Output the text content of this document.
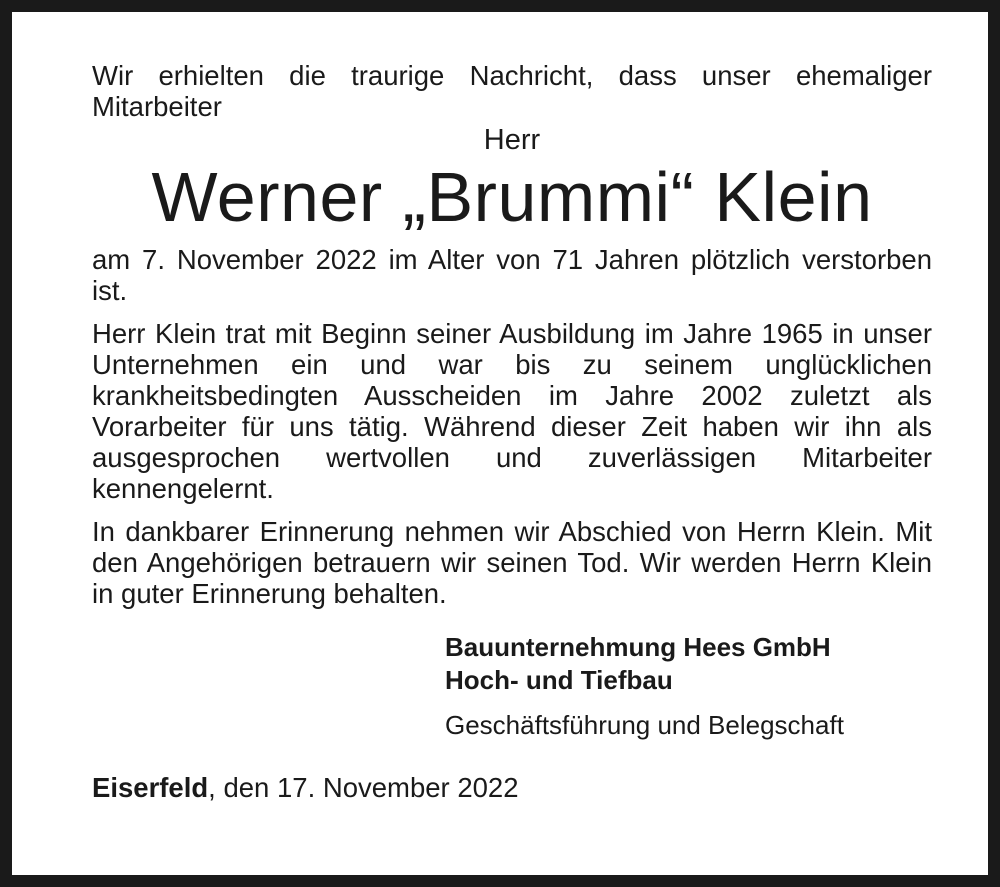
Wir erhielten die traurige Nachricht, dass unser ehemaliger Mitarbeiter

Herr

Werner „Brummi“ Klein

am 7. November 2022 im Alter von 71 Jahren plötzlich verstorben ist.

Herr Klein trat mit Beginn seiner Ausbildung im Jahre 1965 in unser Unternehmen ein und war bis zu seinem unglücklichen krankheitsbedingten Ausscheiden im Jahre 2002 zuletzt als Vorarbeiter für uns tätig. Während dieser Zeit haben wir ihn als ausgesprochen wertvollen und zuverlässigen Mitarbeiter kennengelernt.

In dankbarer Erinnerung nehmen wir Abschied von Herrn Klein. Mit den Angehörigen betrauern wir seinen Tod. Wir werden Herrn Klein in guter Erinnerung behalten.

Bauunternehmung Hees GmbH

Hoch- und Tiefbau

Geschäftsführung und Belegschaft

Eiserfeld, den 17. November 2022
